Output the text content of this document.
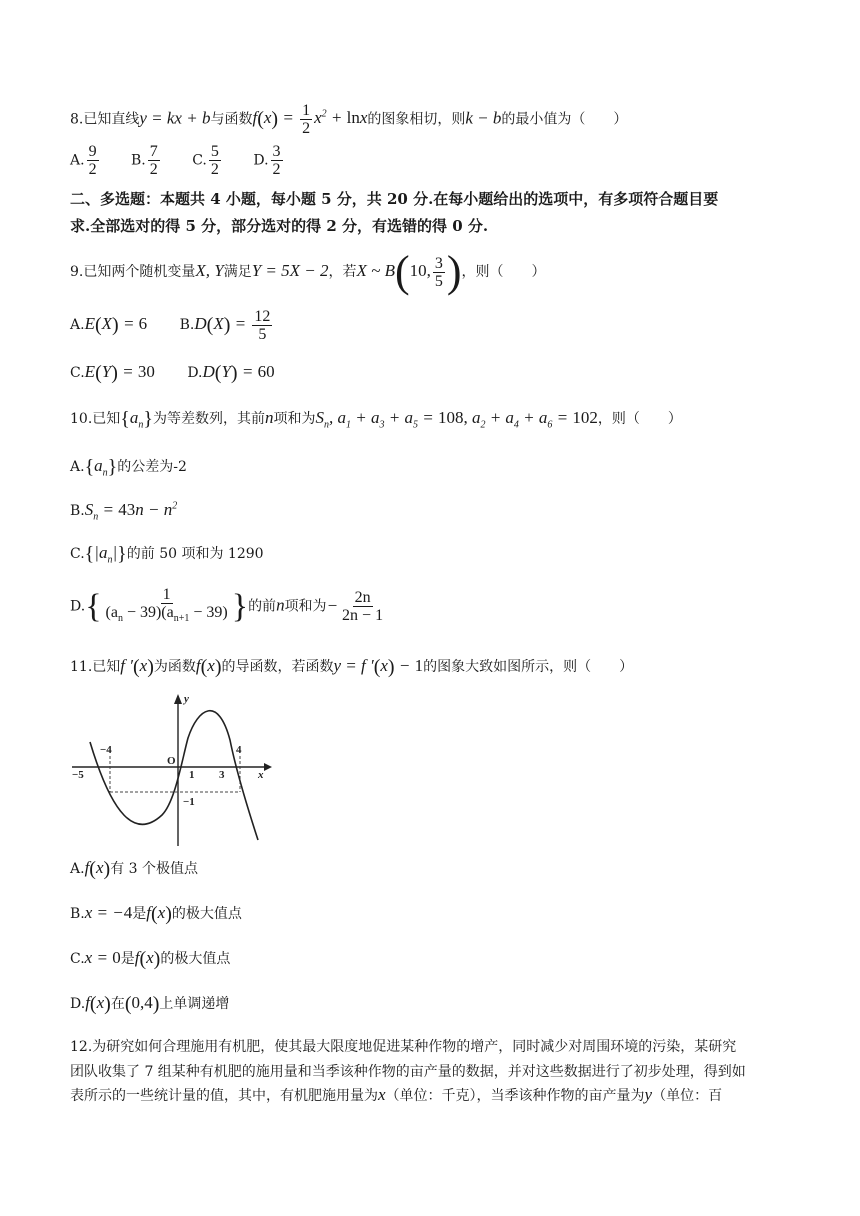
8.已知直线y = kx + b与函数$f(x) = \frac{1}{2} x^2 + \ln x$的图象相切，则k − b的最小值为（　　）
A. $\frac{9}{2} B$. $\frac{7}{2} C$. $\frac{5}{2} D$. $\frac{3}{2}$
二、多选题：本题共 4 小题，每小题 5 分，共 20 分.在每小题给出的选项中，有多项符合题目要
求.全部选对的得 5 分，部分选对的得 2 分，有选错的得 0 分.
9.已知两个随机变量X, Y满足Y = 5X − 2，若X ~ B(10, $\frac{3}{5}$ )，则（　　）
A.E(X) = 6 $B.D(X) = \frac{12}{5}$
C.E(Y) = 30 D.D(Y) = 60
10.已知$\{a_n\}$为等差数列，其前n项和为$S_n$, $a_1 + a_3 + a_5 = 108$, $a_2 + a_4 + a_6 = 102$，则（　　）
$A.\{a_n\}$的公差为-2
$B.S_n = 43n - n^2$
$C.\{|a_n|\}$的前 50 项和为 1290
$D.\{ \frac{1}{(a_n - 39)(a_{n+1} - 39)}$ }的前n项和为− $\frac{2n}{2n - 1}$
11.已知f ′(x)为函数f(x)的导函数，若函数y = f ′(x) − 1的图象大致如图所示，则（　　）
−4
−5
O
1 3
4
−1
y
x
A.f(x)有 3 个极值点
B.x = −4是f(x)的极大值点
C.x = 0是f(x)的极大值点
D.f(x)在(0,4)上单调递增
12.为研究如何合理施用有机肥，使其最大限度地促进某种作物的增产，同时减少对周围环境的污染，某研究
团队收集了 7 组某种有机肥的施用量和当季该种作物的亩产量的数据，并对这些数据进行了初步处理，得到如
表所示的一些统计量的值，其中，有机肥施用量为x（单位：千克），当季该种作物的亩产量为y（单位：百
